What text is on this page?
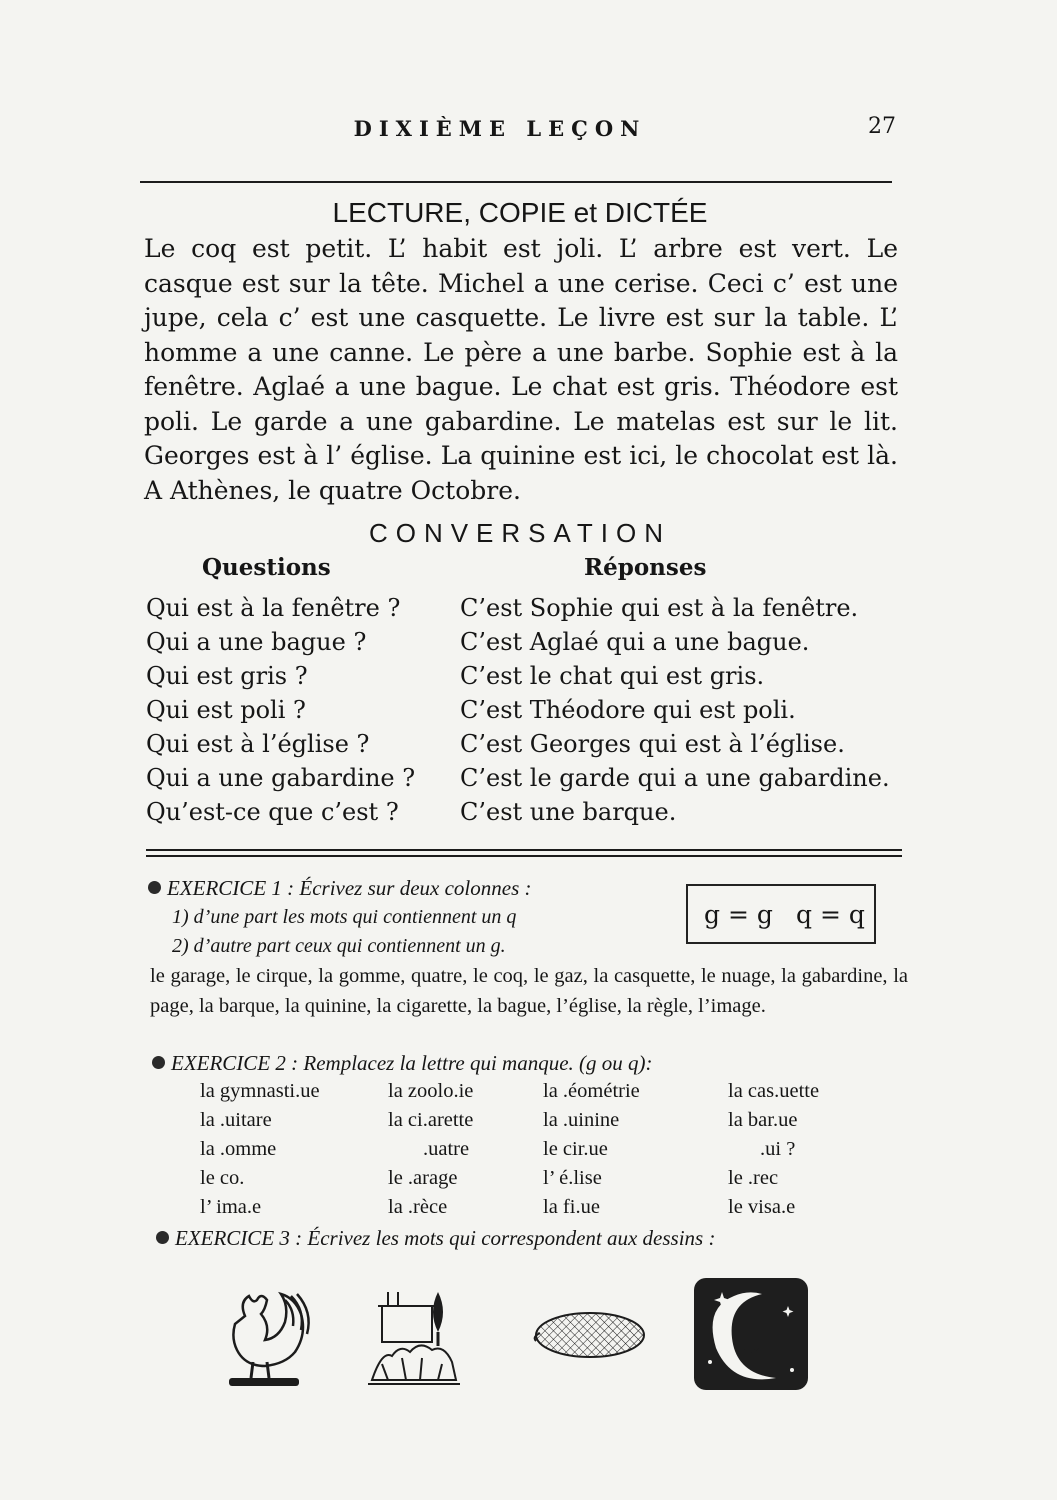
DIXIÈME LEÇON	27
LECTURE, COPIE et DICTÉE
Le coq est petit. L’ habit est joli. L’ arbre est vert. Le casque est sur la tête. Michel a une cerise. Ceci c’ est une jupe, cela c’ est une casquette. Le livre est sur la table. L’ homme a une canne. Le père a une barbe. Sophie est à la fenêtre. Aglaé a une bague. Le chat est gris. Théodore est poli. Le garde a une gabardine. Le matelas est sur le lit. Georges est à l’ église. La quinine est ici, le chocolat est là. A Athènes, le quatre Octobre.
CONVERSATION
Questions	Réponses
Qui est à la fenêtre ? C’est Sophie qui est à la fenêtre.
Qui a une bague ?	C’est Aglaé qui a une bague.
Qui est gris ?	C’est le chat qui est gris.
Qui est poli ?	C’est Théodore qui est poli.
Qui est à l’église ?	C’est Georges qui est à l’église.
Qui a une gabardine ? C’est le garde qui a une gabardine.
Qu’est-ce que c’est ?	C’est une barque.
EXERCICE 1 : Écrivez sur deux colonnes :
1) d’une part les mots qui contiennent un q
2) d’autre part ceux qui contiennent un g.
g = g q = q
le garage, le cirque, la gomme, quatre, le coq, le gaz, la casquette, le nuage, la gabardine, la page, la barque, la quinine, la cigarette, la bague, l’église, la règle, l’image.
EXERCICE 2 : Remplacez la lettre qui manque. (g ou q):
la gymnasti.ue	la zoolo.ie	la .éométrie	la cas.uette
la .uitare	la ci.arette	la .uinine	la bar.ue
la .omme	.uatre	le cir.ue	.ui ?
le co.	le .arage	l’ é.lise	le .rec
l’ ima.e	la .rèce	la fi.ue	le visa.e
EXERCICE 3 : Écrivez les mots qui correspondent aux dessins :
